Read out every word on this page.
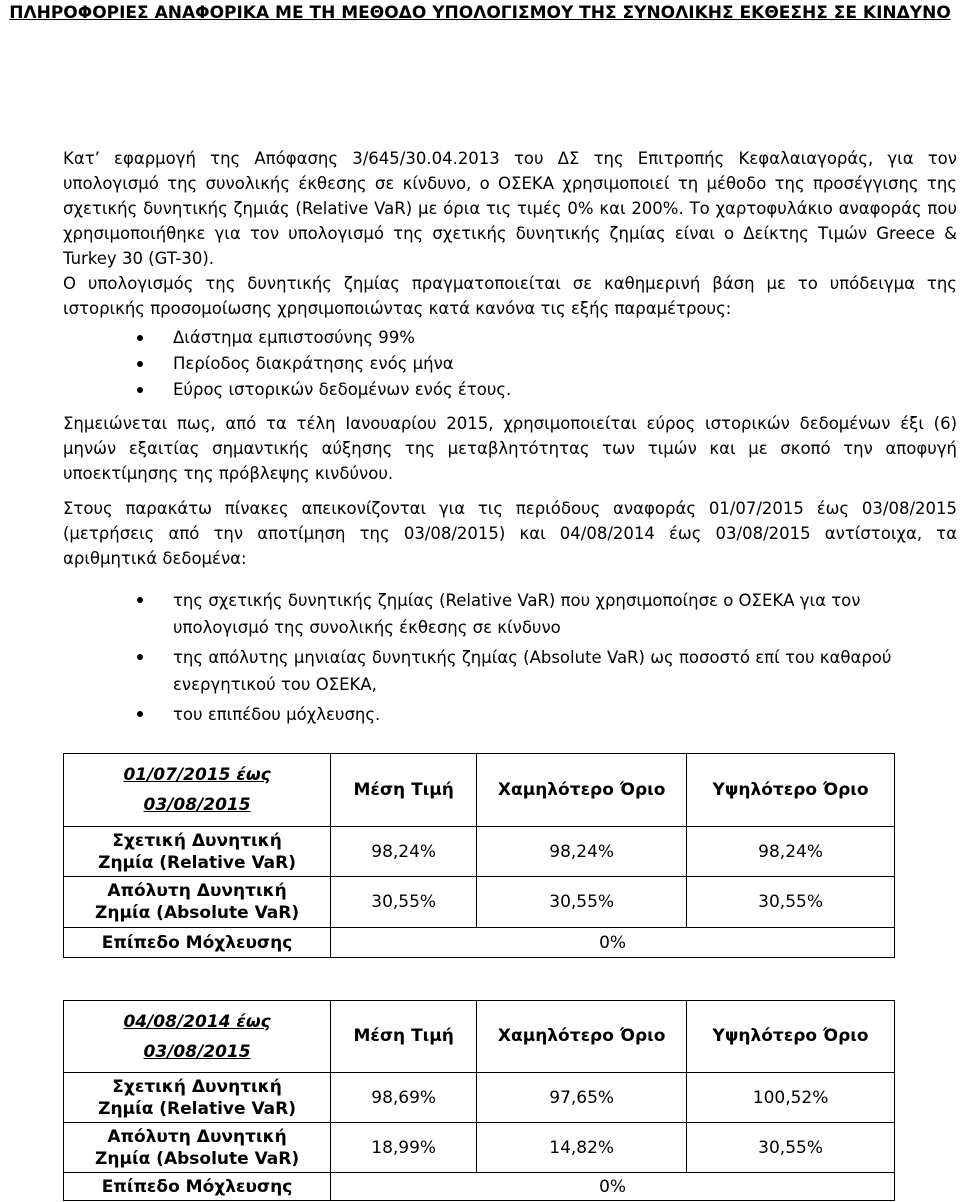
ΠΛΗΡΟΦΟΡΙΕΣ ΑΝΑΦΟΡΙΚΑ ΜΕ ΤΗ ΜΕΘΟΔΟ ΥΠΟΛΟΓΙΣΜΟΥ ΤΗΣ ΣΥΝΟΛΙΚΗΣ ΕΚΘΕΣΗΣ ΣΕ ΚΙΝΔΥΝΟ

Κατ’ εφαρμογή της Απόφασης 3/645/30.04.2013 του ΔΣ της Επιτροπής Κεφαλαιαγοράς, για τον υπολογισμό της συνολικής έκθεσης σε κίνδυνο, ο ΟΣΕΚΑ χρησιμοποιεί τη μέθοδο της προσέγγισης της σχετικής δυνητικής ζημιάς (Relative VaR) με όρια τις τιμές 0% και 200%. Το χαρτοφυλάκιο αναφοράς που χρησιμοποιήθηκε για τον υπολογισμό της σχετικής δυνητικής ζημίας είναι ο Δείκτης Τιμών Greece & Turkey 30 (GT-30).

Ο υπολογισμός της δυνητικής ζημίας πραγματοποιείται σε καθημερινή βάση με το υπόδειγμα της ιστορικής προσομοίωσης χρησιμοποιώντας κατά κανόνα τις εξής παραμέτρους:

Διάστημα εμπιστοσύνης 99%
Περίοδος διακράτησης ενός μήνα
Εύρος ιστορικών δεδομένων ενός έτους.

Σημειώνεται πως, από τα τέλη Ιανουαρίου 2015, χρησιμοποιείται εύρος ιστορικών δεδομένων έξι (6) μηνών εξαιτίας σημαντικής αύξησης της μεταβλητότητας των τιμών και με σκοπό την αποφυγή υποεκτίμησης της πρόβλεψης κινδύνου.

Στους παρακάτω πίνακες απεικονίζονται για τις περιόδους αναφοράς 01/07/2015 έως 03/08/2015 (μετρήσεις από την αποτίμηση της 03/08/2015) και 04/08/2014 έως 03/08/2015 αντίστοιχα, τα αριθμητικά δεδομένα:

της σχετικής δυνητικής ζημίας (Relative VaR) που χρησιμοποίησε ο ΟΣΕΚΑ για τον υπολογισμό της συνολικής έκθεσης σε κίνδυνο
της απόλυτης μηνιαίας δυνητικής ζημίας (Absolute VaR) ως ποσοστό επί του καθαρού ενεργητικού του ΟΣΕΚΑ,
του επιπέδου μόχλευσης.
01/07/2015 έως
03/08/2015	Μέση Τιμή	Χαμηλότερο Όριο	Υψηλότερο Όριο
Σχετική Δυνητική
Ζημία (Relative VaR)	98,24%	98,24%	98,24%
Απόλυτη Δυνητική
Ζημία (Absolute VaR)	30,55%	30,55%	30,55%
Επίπεδο Μόχλευσης	0%		
04/08/2014 έως
03/08/2015	Μέση Τιμή	Χαμηλότερο Όριο	Υψηλότερο Όριο
Σχετική Δυνητική
Ζημία (Relative VaR)	98,69%	97,65%	100,52%
Απόλυτη Δυνητική
Ζημία (Absolute VaR)	18,99%	14,82%	30,55%
Επίπεδο Μόχλευσης	0%		
